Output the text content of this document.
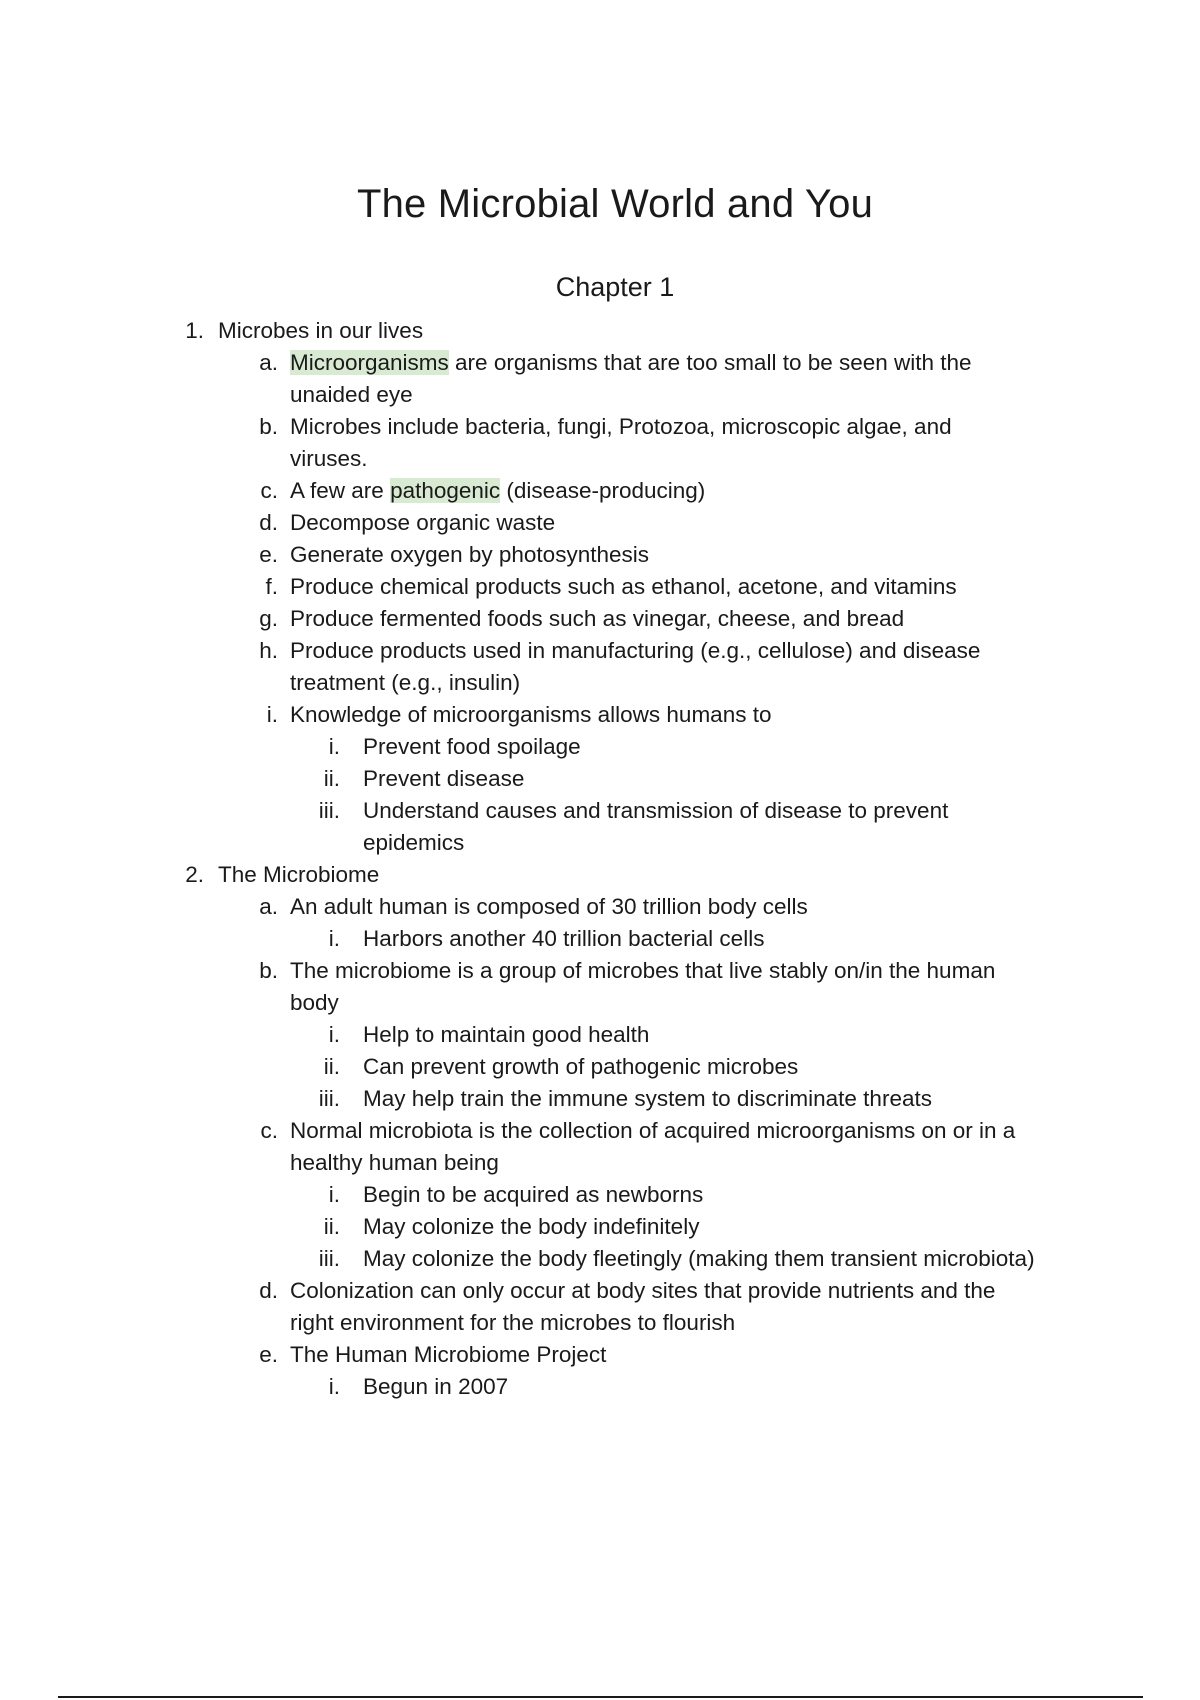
The Microbial World and You
Chapter 1
1. Microbes in our lives
a. Microorganisms are organisms that are too small to be seen with the
unaided eye
b. Microbes include bacteria, fungi, Protozoa, microscopic algae, and
viruses.
c. A few are pathogenic (disease-producing)
d. Decompose organic waste
e. Generate oxygen by photosynthesis
f. Produce chemical products such as ethanol, acetone, and vitamins
g. Produce fermented foods such as vinegar, cheese, and bread
h. Produce products used in manufacturing (e.g., cellulose) and disease
treatment (e.g., insulin)
i. Knowledge of microorganisms allows humans to
i. Prevent food spoilage
ii. Prevent disease
iii. Understand causes and transmission of disease to prevent
epidemics
2. The Microbiome
a. An adult human is composed of 30 trillion body cells
i. Harbors another 40 trillion bacterial cells
b. The microbiome is a group of microbes that live stably on/in the human
body
i. Help to maintain good health
ii. Can prevent growth of pathogenic microbes
iii. May help train the immune system to discriminate threats
c. Normal microbiota is the collection of acquired microorganisms on or in a
healthy human being
i. Begin to be acquired as newborns
ii. May colonize the body indefinitely
iii. May colonize the body fleetingly (making them transient microbiota)
d. Colonization can only occur at body sites that provide nutrients and the
right environment for the microbes to flourish
e. The Human Microbiome Project
i. Begun in 2007
